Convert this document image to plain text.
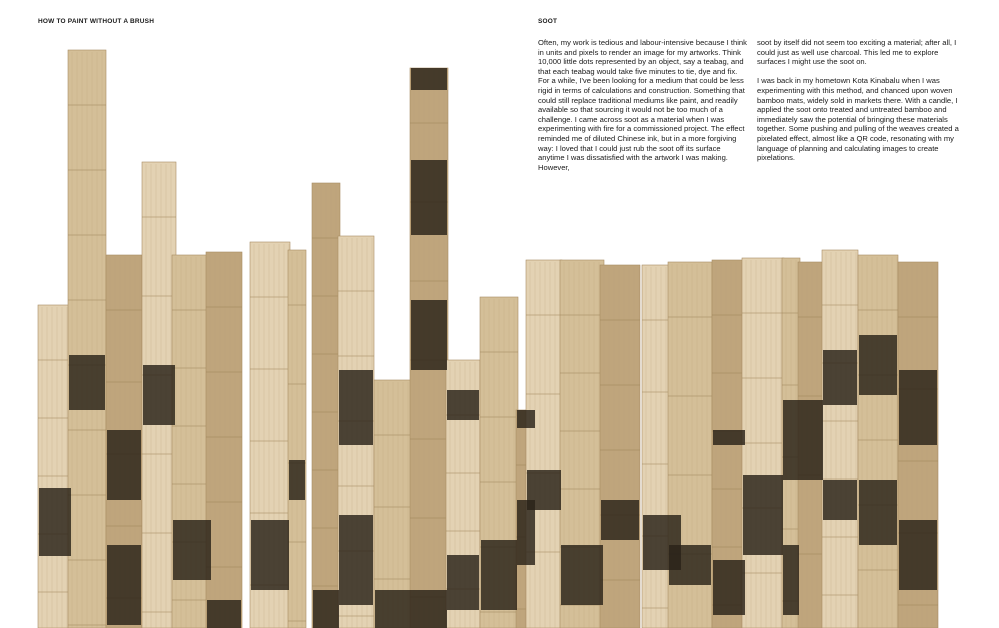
HOW TO PAINT WITHOUT A BRUSH	SOOT

Often, my work is tedious and labour-intensive because I think in units and pixels to render an image for my artworks. Think 10,000 little dots represented by an object, say a teabag, and that each teabag would take five minutes to tie, dye and fix. For a while, I've been looking for a medium that could be less rigid in terms of calculations and construction. Something that could still replace traditional mediums like paint, and readily available so that sourcing it would not be too much of a challenge. I came across soot as a material when I was experimenting with fire for a commissioned project. The effect reminded me of diluted Chinese ink, but in a more forgiving way: I loved that I could just rub the soot off its surface anytime I was dissatisfied with the artwork I was making. However,

soot by itself did not seem too exciting a material; after all, I could just as well use charcoal. This led me to explore surfaces I might use the soot on.

I was back in my hometown Kota Kinabalu when I was experimenting with this method, and chanced upon woven bamboo mats, widely sold in markets there. With a candle, I applied the soot onto treated and untreated bamboo and immediately saw the potential of bringing these materials together. Some pushing and pulling of the weaves created a pixelated effect, almost like a QR code, resonating with my language of planning and calculating images to create pixelations.
